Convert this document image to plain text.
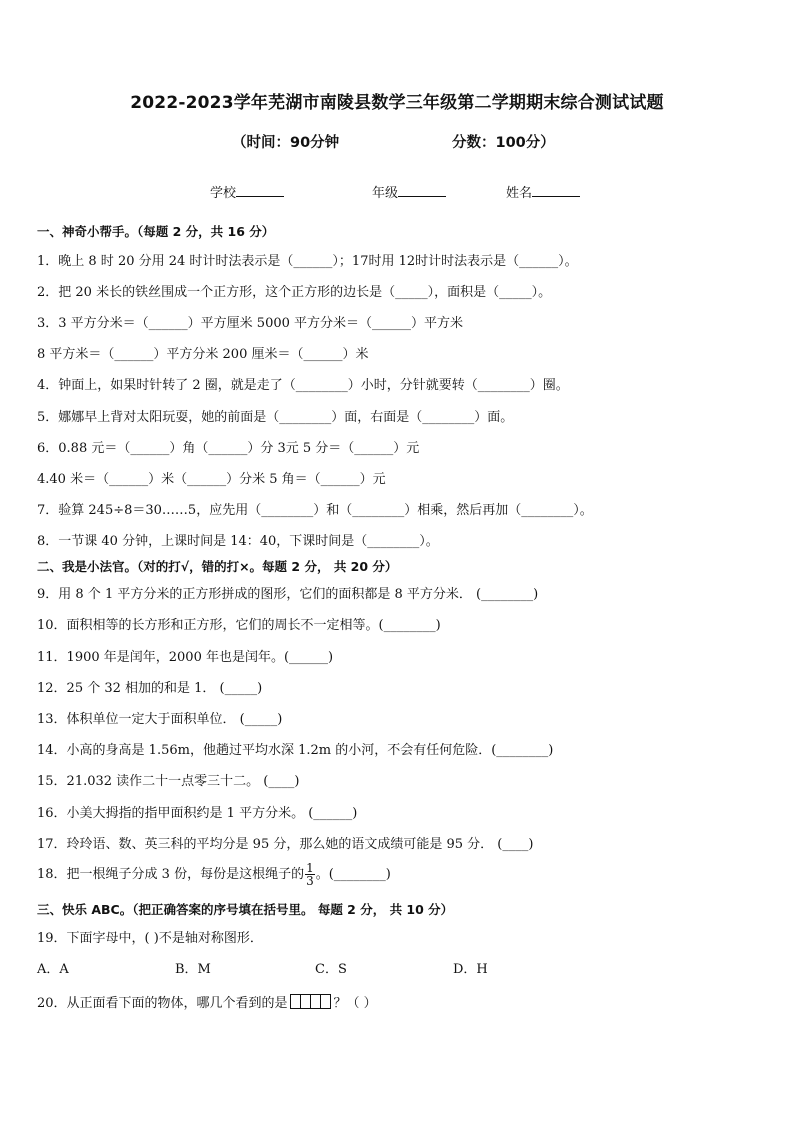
2022-2023学年芜湖市南陵县数学三年级第二学期期末综合测试试题
（时间：90分钟	分数：100分）
学校	年级	姓名
一、神奇小帮手。（每题 2 分，共 16 分）
1．晚上 8 时 20 分用 24 时计时法表示是（______）；17时用 12时计时法表示是（______）。
2．把 20 米长的铁丝围成一个正方形，这个正方形的边长是（_____），面积是（_____）。
3．3 平方分米＝（______）平方厘米 5000 平方分米＝（______）平方米
8 平方米＝（______）平方分米 200 厘米＝（______）米
4．钟面上，如果时针转了 2 圈，就是走了（________）小时，分针就要转（________）圈。
5．娜娜早上背对太阳玩耍，她的前面是（________）面，右面是（________）面。
6．0.88 元＝（______）角（______）分 3元 5 分＝（______）元
4.40 米＝（______）米（______）分米 5 角＝（______）元
7．验算 245÷8＝30……5，应先用（________）和（________）相乘，然后再加（________）。
8．一节课 40 分钟，上课时间是 14：40，下课时间是（________）。
二、我是小法官。（对的打√，错的打×。每题 2 分， 共 20 分）
9．用 8 个 1 平方分米的正方形拼成的图形，它们的面积都是 8 平方分米． (________)
10．面积相等的长方形和正方形，它们的周长不一定相等。(________)
11．1900 年是闰年，2000 年也是闰年。(______)
12．25 个 32 相加的和是 1． (_____)
13．体积单位一定大于面积单位． (_____)
14．小高的身高是 1.56m，他趟过平均水深 1.2m 的小河，不会有任何危险．(________)
15．21.032 读作二十一点零三十二。 (____)
16．小美大拇指的指甲面积约是 1 平方分米。 (______)
17．玲玲语、数、英三科的平均分是 95 分，那么她的语文成绩可能是 95 分． (____)
18．把一根绳子分成 3 份，每份是这根绳子的 $\frac{1}{3}$ 。(________)
三、快乐 ABC。（把正确答案的序号填在括号里。 每题 2 分， 共 10 分）
19．下面字母中，( )不是轴对称图形．
A．A	B．M	C．S	D．H
20．从正面看下面的物体，哪几个看到的是	？（ ）
